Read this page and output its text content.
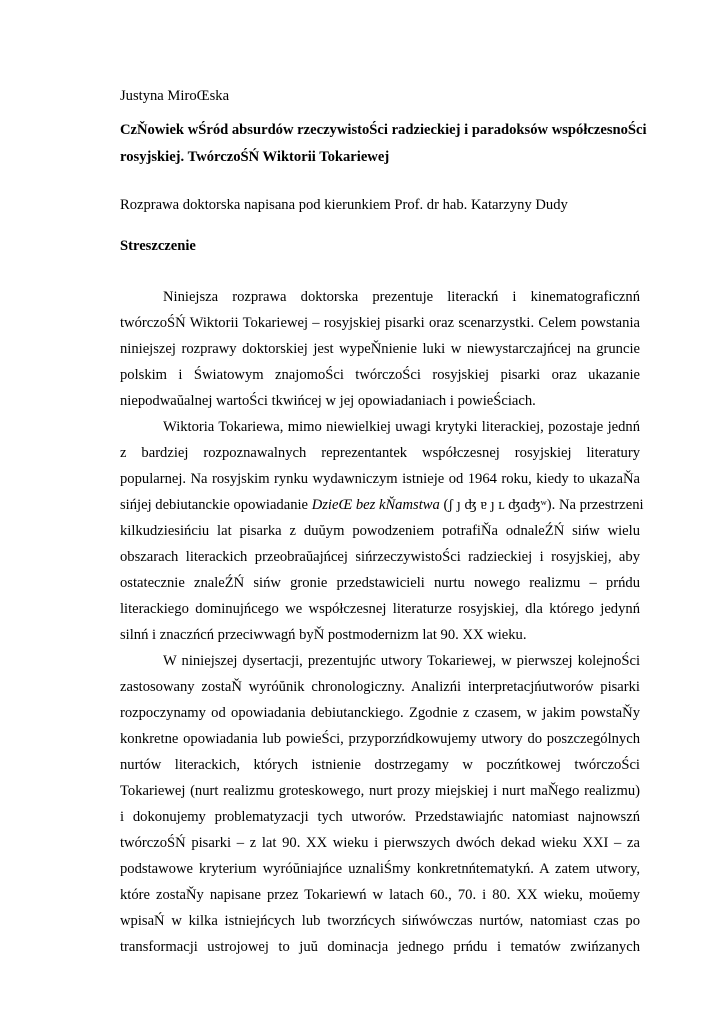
Justyna MiroŒska
CzŇowiek wŚród absurdów rzeczywistoŚci radzieckiej i paradoksów współczesnoŚci
rosyjskiej. TwórczoŚŃ Wiktorii Tokariewej
Rozprawa doktorska napisana pod kierunkiem Prof. dr hab. Katarzyny Dudy
Streszczenie
Niniejsza rozprawa doktorska prezentuje literackń i kinematograficznń
twórczoŚŃ Wiktorii Tokariewej – rosyjskiej pisarki oraz scenarzystki. Celem powstania
niniejszej rozprawy doktorskiej jest wypeŇnienie luki w niewystarczajńcej na gruncie
polskim i Światowym znajomoŚci twórczoŚci rosyjskiej pisarki oraz ukazanie
niepodwaŭalnej wartoŚci tkwińcej w jej opowiadaniach i powieŚciach.
Wiktoria Tokariewa, mimo niewielkiej uwagi krytyki literackiej, pozostaje jednń
z bardziej rozpoznawalnych reprezentantek współczesnej rosyjskiej literatury
popularnej. Na rosyjskim rynku wydawniczym istnieje od 1964 roku, kiedy to ukazaŇa
sińjej debiutanckie opowiadanie DzieŒ bez kŇamstwa (ʃ ȷ ʤ ɐ ȷ ʟ ʤɑʤʷ). Na przestrzeni
kilkudziesińciu lat pisarka z duŭym powodzeniem potrafiŇa odnaleŹŃ sińw wielu
obszarach literackich przeobraŭajńcej sińrzeczywistoŚci radzieckiej i rosyjskiej, aby
ostatecznie znaleŹŃ sińw gronie przedstawicieli nurtu nowego realizmu – prńdu
literackiego dominujńcego we współczesnej literaturze rosyjskiej, dla którego jedynń
silnń i znaczńcń przeciwwagń byŇ postmodernizm lat 90. XX wieku.
W niniejszej dysertacji, prezentujńc utwory Tokariewej, w pierwszej kolejnoŚci
zastosowany zostaŇ wyróŭnik chronologiczny. Analizńi interpretacjńutworów pisarki
rozpoczynamy od opowiadania debiutanckiego. Zgodnie z czasem, w jakim powstaŇy
konkretne opowiadania lub powieŚci, przyporzńdkowujemy utwory do poszczególnych
nurtów literackich, których istnienie dostrzegamy w poczńtkowej twórczoŚci
Tokariewej (nurt realizmu groteskowego, nurt prozy miejskiej i nurt maŇego realizmu)
i dokonujemy problematyzacji tych utworów. Przedstawiajńc natomiast najnowszń
twórczoŚŃ pisarki – z lat 90. XX wieku i pierwszych dwóch dekad wieku XXI – za
podstawowe kryterium wyróŭniajńce uznaliŚmy konkretnńtematykń. A zatem utwory,
które zostaŇy napisane przez Tokariewń w latach 60., 70. i 80. XX wieku, moŭemy
wpisaŃ w kilka istniejńcych lub tworzńcych sińwówczas nurtów, natomiast czas po
transformacji ustrojowej to juŭ dominacja jednego prńdu i tematów zwińzanych
